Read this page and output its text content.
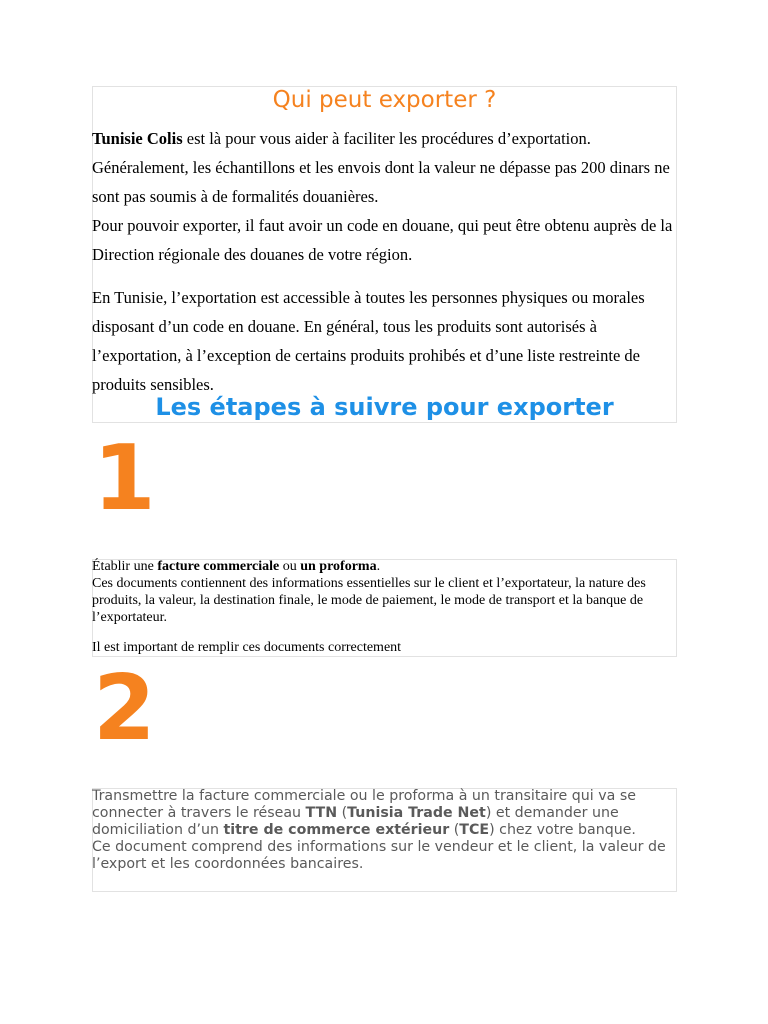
Qui peut exporter ?

Tunisie Colis est là pour vous aider à faciliter les procédures d’exportation.
Généralement, les échantillons et les envois dont la valeur ne dépasse pas 200 dinars ne sont pas soumis à de formalités douanières.
Pour pouvoir exporter, il faut avoir un code en douane, qui peut être obtenu auprès de la Direction régionale des douanes de votre région.

En Tunisie, l’exportation est accessible à toutes les personnes physiques ou morales disposant d’un code en douane. En général, tous les produits sont autorisés à l’exportation, à l’exception de certains produits prohibés et d’une liste restreinte de produits sensibles.

Les étapes à suivre pour exporter
1

Établir une facture commerciale ou un proforma.
Ces documents contiennent des informations essentielles sur le client et l’exportateur, la nature des produits, la valeur, la destination finale, le mode de paiement, le mode de transport et la banque de l’exportateur.

Il est important de remplir ces documents correctement

2

Transmettre la facture commerciale ou le proforma à un transitaire qui va se connecter à travers le réseau TTN (Tunisia Trade Net) et demander une domiciliation d’un titre de commerce extérieur (TCE) chez votre banque.
Ce document comprend des informations sur le vendeur et le client, la valeur de l’export et les coordonnées bancaires.
